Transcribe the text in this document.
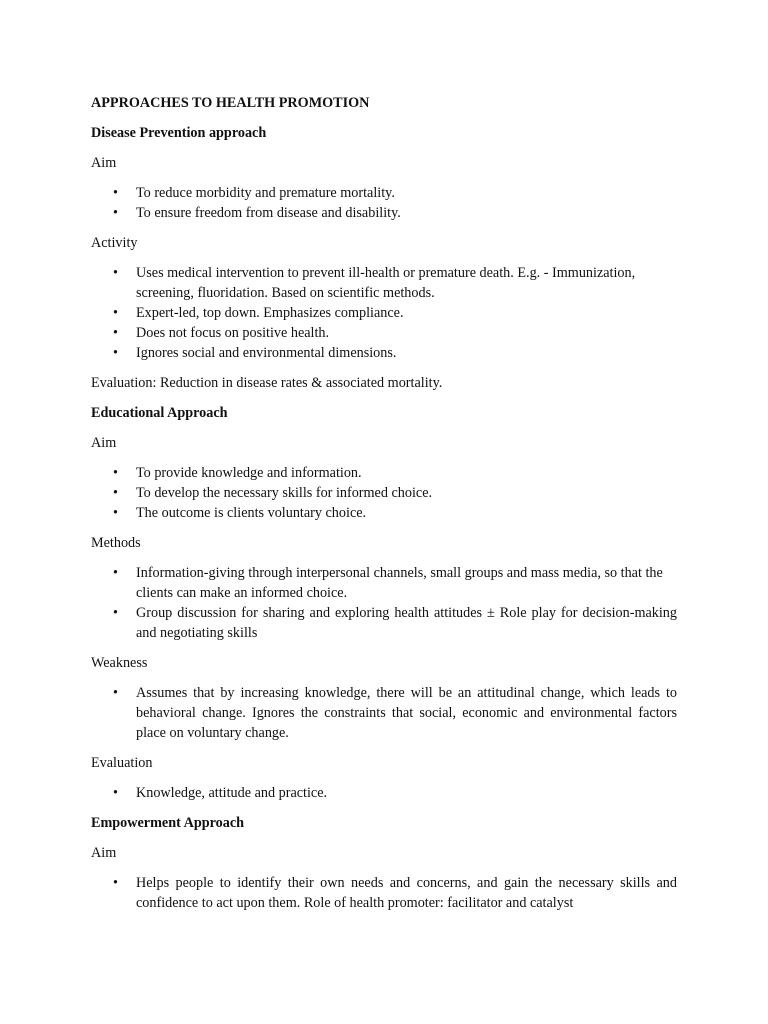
APPROACHES TO HEALTH PROMOTION
Disease Prevention approach
Aim
• To reduce morbidity and premature mortality.
• To ensure freedom from disease and disability.
Activity
• Uses medical intervention to prevent ill-health or premature death. E.g. - Immunization, screening, fluoridation. Based on scientific methods.
• Expert-led, top down. Emphasizes compliance.
• Does not focus on positive health.
• Ignores social and environmental dimensions.
Evaluation: Reduction in disease rates & associated mortality.
Educational Approach
Aim
• To provide knowledge and information.
• To develop the necessary skills for informed choice.
• The outcome is clients voluntary choice.
Methods
• Information-giving through interpersonal channels, small groups and mass media, so that the clients can make an informed choice.
• Group discussion for sharing and exploring health attitudes ± Role play for decision-making and negotiating skills
Weakness
• Assumes that by increasing knowledge, there will be an attitudinal change, which leads to behavioral change. Ignores the constraints that social, economic and environmental factors place on voluntary change.
Evaluation
• Knowledge, attitude and practice.
Empowerment Approach
Aim
• Helps people to identify their own needs and concerns, and gain the necessary skills and confidence to act upon them. Role of health promoter: facilitator and catalyst
